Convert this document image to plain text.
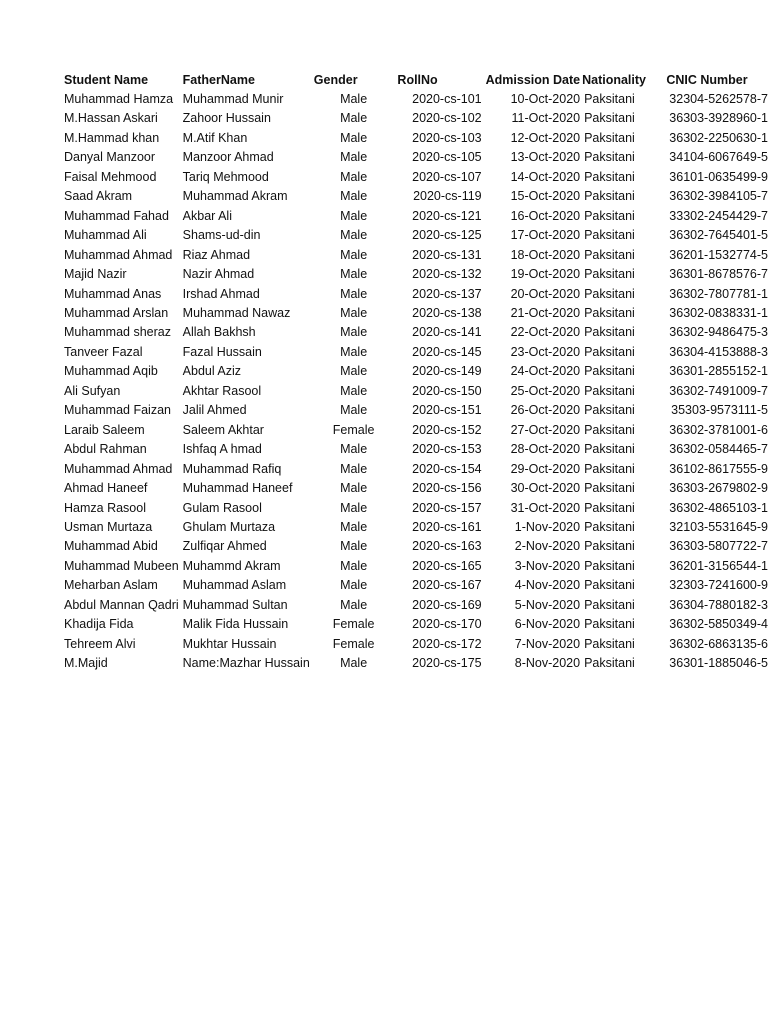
Student Name	FatherName	Gender	RollNo	Admission Date	Nationality	CNIC Number
Muhammad Hamza	Muhammad Munir	Male	2020-cs-101	10-Oct-2020	Paksitani	32304-5262578-7
M.Hassan Askari	Zahoor Hussain	Male	2020-cs-102	11-Oct-2020	Paksitani	36303-3928960-1
M.Hammad khan	M.Atif Khan	Male	2020-cs-103	12-Oct-2020	Paksitani	36302-2250630-1
Danyal Manzoor	Manzoor Ahmad	Male	2020-cs-105	13-Oct-2020	Paksitani	34104-6067649-5
Faisal Mehmood	Tariq Mehmood	Male	2020-cs-107	14-Oct-2020	Paksitani	36101-0635499-9
Saad Akram	Muhammad Akram	Male	2020-cs-119	15-Oct-2020	Paksitani	36302-3984105-7
Muhammad Fahad	Akbar Ali	Male	2020-cs-121	16-Oct-2020	Paksitani	33302-2454429-7
Muhammad Ali	Shams-ud-din	Male	2020-cs-125	17-Oct-2020	Paksitani	36302-7645401-5
Muhammad Ahmad	Riaz Ahmad	Male	2020-cs-131	18-Oct-2020	Paksitani	36201-1532774-5
Majid Nazir	Nazir Ahmad	Male	2020-cs-132	19-Oct-2020	Paksitani	36301-8678576-7
Muhammad Anas	Irshad Ahmad	Male	2020-cs-137	20-Oct-2020	Paksitani	36302-7807781-1
Muhammad Arslan	Muhammad Nawaz	Male	2020-cs-138	21-Oct-2020	Paksitani	36302-0838331-1
Muhammad sheraz	Allah Bakhsh	Male	2020-cs-141	22-Oct-2020	Paksitani	36302-9486475-3
Tanveer Fazal	Fazal Hussain	Male	2020-cs-145	23-Oct-2020	Paksitani	36304-4153888-3
Muhammad Aqib	Abdul Aziz	Male	2020-cs-149	24-Oct-2020	Paksitani	36301-2855152-1
Ali Sufyan	Akhtar Rasool	Male	2020-cs-150	25-Oct-2020	Paksitani	36302-7491009-7
Muhammad Faizan	Jalil Ahmed	Male	2020-cs-151	26-Oct-2020	Paksitani	35303-9573111-5
Laraib Saleem	Saleem Akhtar	Female	2020-cs-152	27-Oct-2020	Paksitani	36302-3781001-6
Abdul Rahman	Ishfaq A hmad	Male	2020-cs-153	28-Oct-2020	Paksitani	36302-0584465-7
Muhammad Ahmad	Muhammad Rafiq	Male	2020-cs-154	29-Oct-2020	Paksitani	36102-8617555-9
Ahmad Haneef	Muhammad Haneef	Male	2020-cs-156	30-Oct-2020	Paksitani	36303-2679802-9
Hamza Rasool	Gulam Rasool	Male	2020-cs-157	31-Oct-2020	Paksitani	36302-4865103-1
Usman Murtaza	Ghulam Murtaza	Male	2020-cs-161	1-Nov-2020	Paksitani	32103-5531645-9
Muhammad Abid	Zulfiqar Ahmed	Male	2020-cs-163	2-Nov-2020	Paksitani	36303-5807722-7
Muhammad Mubeen	Muhammd Akram	Male	2020-cs-165	3-Nov-2020	Paksitani	36201-3156544-1
Meharban Aslam	Muhammad Aslam	Male	2020-cs-167	4-Nov-2020	Paksitani	32303-7241600-9
Abdul Mannan Qadri	Muhammad Sultan	Male	2020-cs-169	5-Nov-2020	Paksitani	36304-7880182-3
Khadija Fida	Malik Fida Hussain	Female	2020-cs-170	6-Nov-2020	Paksitani	36302-5850349-4
Tehreem Alvi	Mukhtar Hussain	Female	2020-cs-172	7-Nov-2020	Paksitani	36302-6863135-6
M.Majid	Name:Mazhar Hussain	Male	2020-cs-175	8-Nov-2020	Paksitani	36301-1885046-5
